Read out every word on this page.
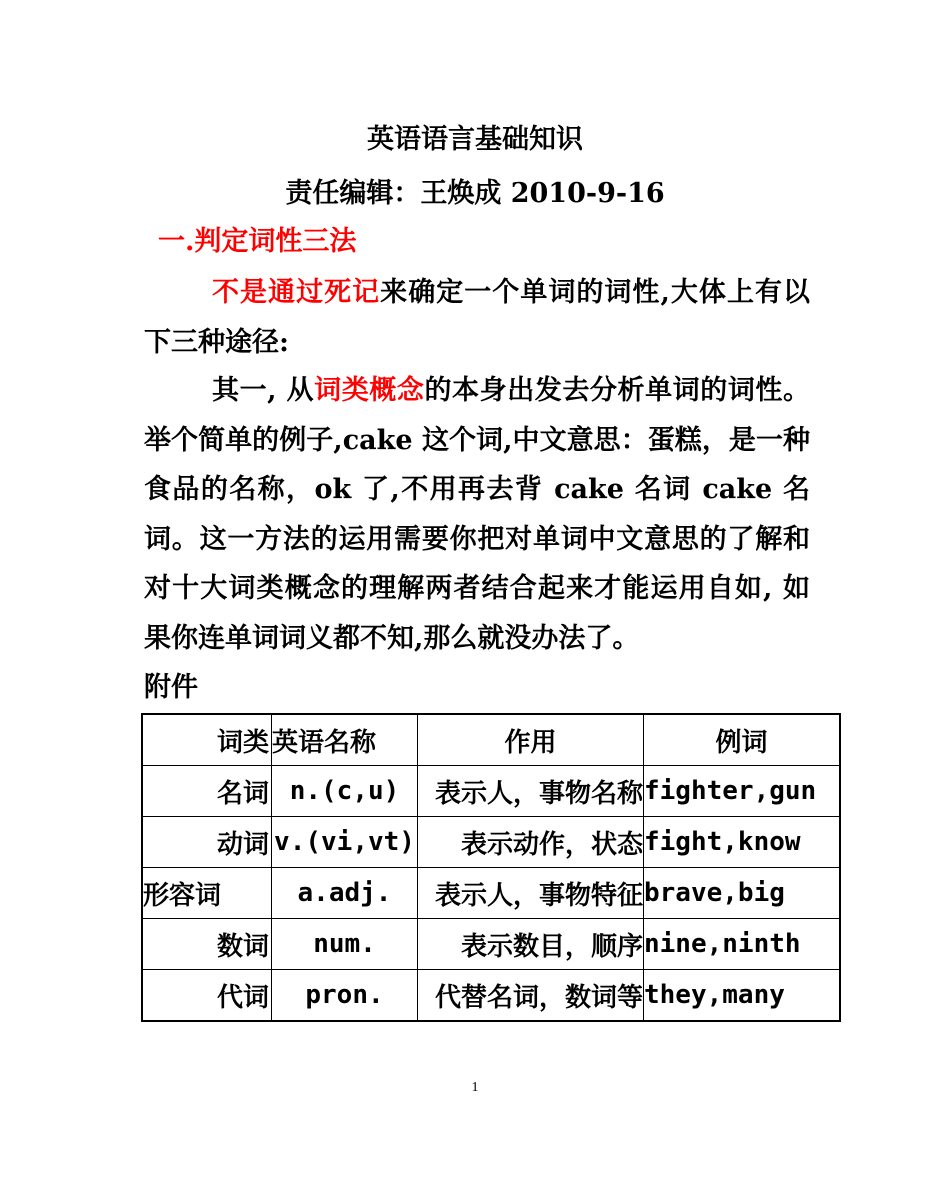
英语语言基础知识
责任编辑：王焕成 2010-9-16
一.判定词性三法
不是通过死记来确定一个单词的词性,大体上有以下三种途径:
其一, 从词类概念的本身出发去分析单词的词性。举个简单的例子,cake 这个词,中文意思：蛋糕，是一种食品的名称，ok 了,不用再去背 cake 名词 cake 名词。这一方法的运用需要你把对单词中文意思的了解和对十大词类概念的理解两者结合起来才能运用自如, 如果你连单词词义都不知,那么就没办法了。
附件
词类	英语名称	作用	例词
名词	n.(c,u)	表示人，事物名称	fighter,gun
动词	v.(vi,vt)	表示动作，状态	fight,know
形容词	a.adj.	表示人，事物特征	brave,big
数词	num.	表示数目，顺序	nine,ninth
代词	pron.	代替名词，数词等	they,many
1
